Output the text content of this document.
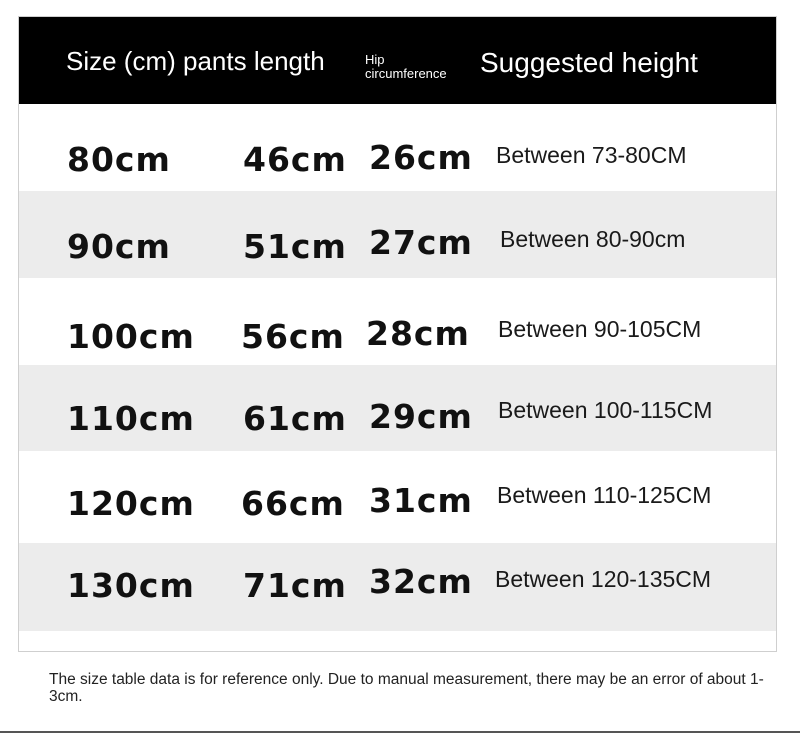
Size (cm) pants length	Hip
circumference Suggested height
80cm 46cm 26cm Between 73-80CM
90cm 51cm 27cm Between 80-90cm
100cm 56cm 28cm Between 90-105CM
110cm 61cm 29cm Between 100-115CM
120cm 66cm 31cm Between 110-125CM
130cm 71cm 32cm Between 120-135CM
The size table data is for reference only. Due to manual measurement, there may be an error of about 1-3cm.
